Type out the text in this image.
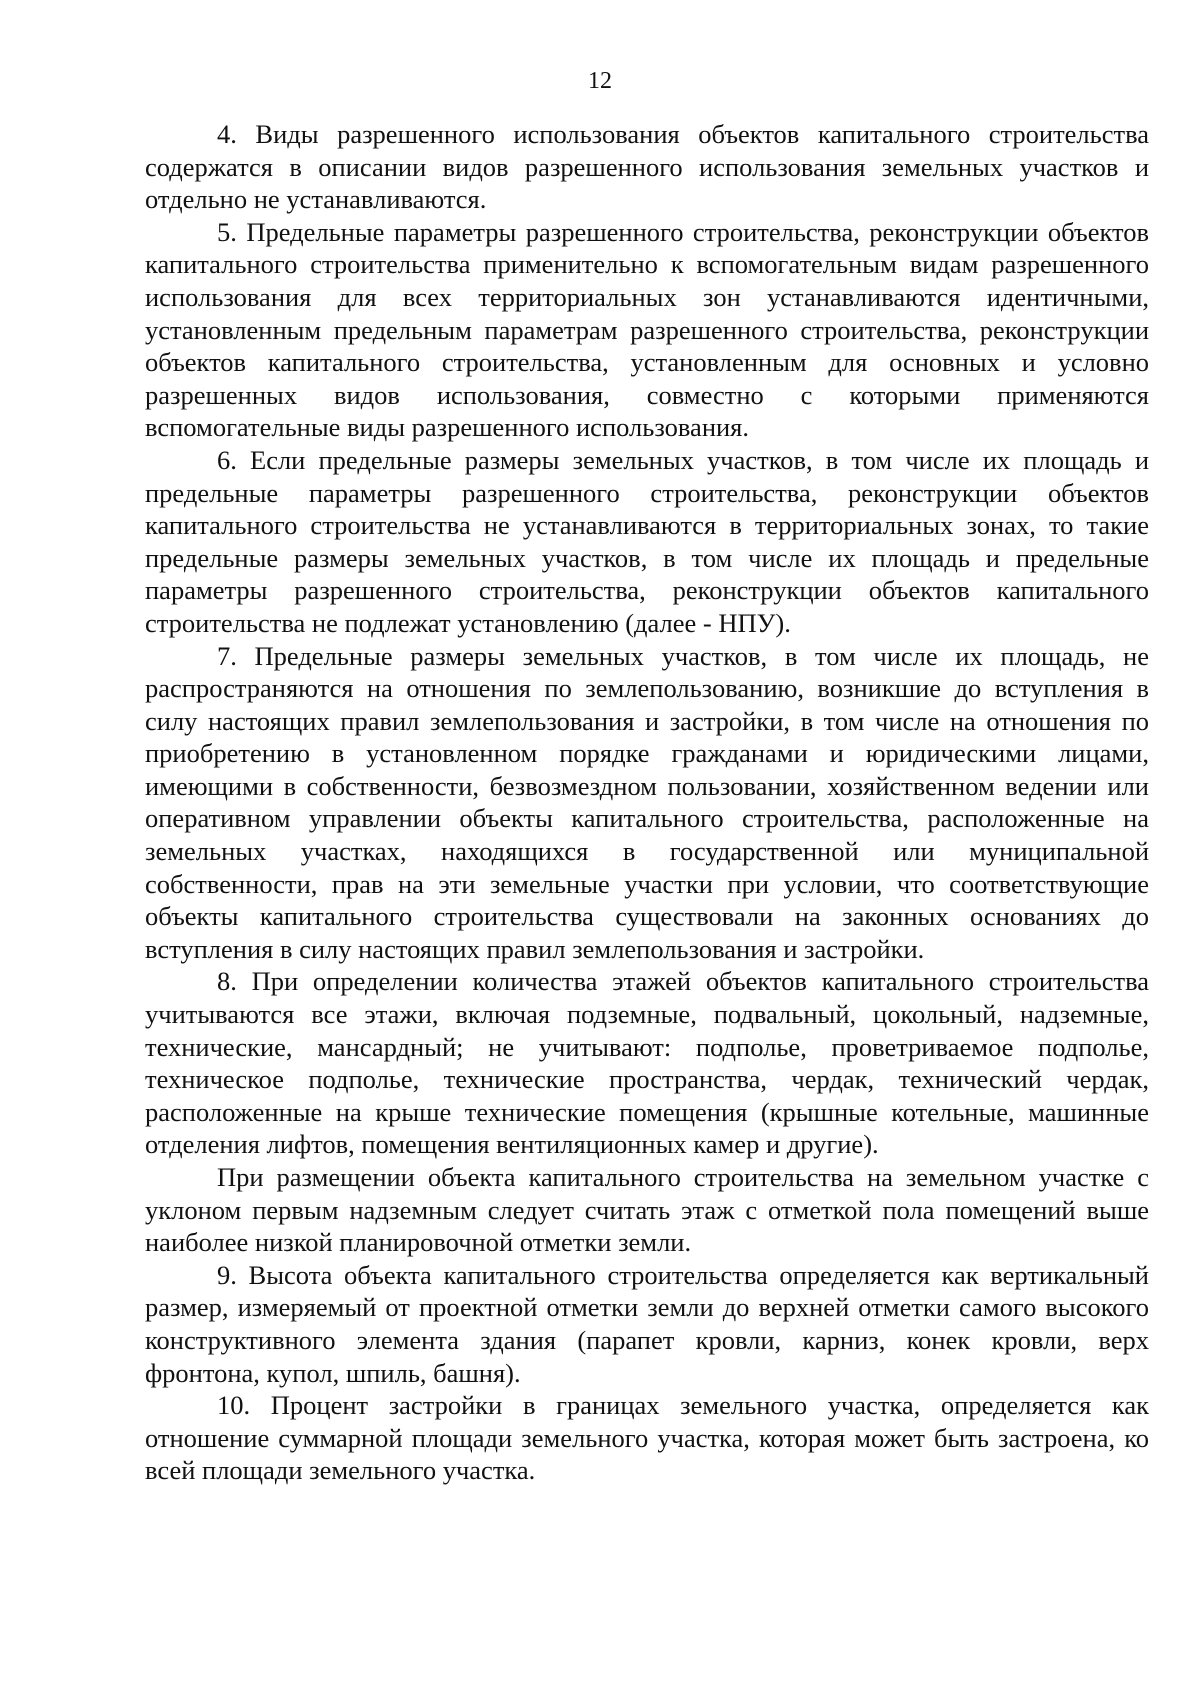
12

4. Виды разрешенного использования объектов капитального строительства содержатся в описании видов разрешенного использования земельных участков и отдельно не устанавливаются.

5. Предельные параметры разрешенного строительства, реконструкции объектов капитального строительства применительно к вспомогательным видам разрешенного использования для всех территориальных зон устанавливаются идентичными, установленным предельным параметрам разрешенного строительства, реконструкции объектов капитального строительства, установленным для основных и условно разрешенных видов использования, совместно с которыми применяются вспомогательные виды разрешенного использования.

6. Если предельные размеры земельных участков, в том числе их площадь и предельные параметры разрешенного строительства, реконструкции объектов капитального строительства не устанавливаются в территориальных зонах, то такие предельные размеры земельных участков, в том числе их площадь и предельные параметры разрешенного строительства, реконструкции объектов капитального строительства не подлежат установлению (далее - НПУ).

7. Предельные размеры земельных участков, в том числе их площадь, не распространяются на отношения по землепользованию, возникшие до вступления в силу настоящих правил землепользования и застройки, в том числе на отношения по приобретению в установленном порядке гражданами и юридическими лицами, имеющими в собственности, безвозмездном пользовании, хозяйственном ведении или оперативном управлении объекты капитального строительства, расположенные на земельных участках, находящихся в государственной или муниципальной собственности, прав на эти земельные участки при условии, что соответствующие объекты капитального строительства существовали на законных основаниях до вступления в силу настоящих правил землепользования и застройки.

8. При определении количества этажей объектов капитального строительства учитываются все этажи, включая подземные, подвальный, цокольный, надземные, технические, мансардный; не учитывают: подполье, проветриваемое подполье, техническое подполье, технические пространства, чердак, технический чердак, расположенные на крыше технические помещения (крышные котельные, машинные отделения лифтов, помещения вентиляционных камер и другие).

При размещении объекта капитального строительства на земельном участке с уклоном первым надземным следует считать этаж с отметкой пола помещений выше наиболее низкой планировочной отметки земли.

9. Высота объекта капитального строительства определяется как вертикальный размер, измеряемый от проектной отметки земли до верхней отметки самого высокого конструктивного элемента здания (парапет кровли, карниз, конек кровли, верх фронтона, купол, шпиль, башня).

10. Процент застройки в границах земельного участка, определяется как отношение суммарной площади земельного участка, которая может быть застроена, ко всей площади земельного участка.
